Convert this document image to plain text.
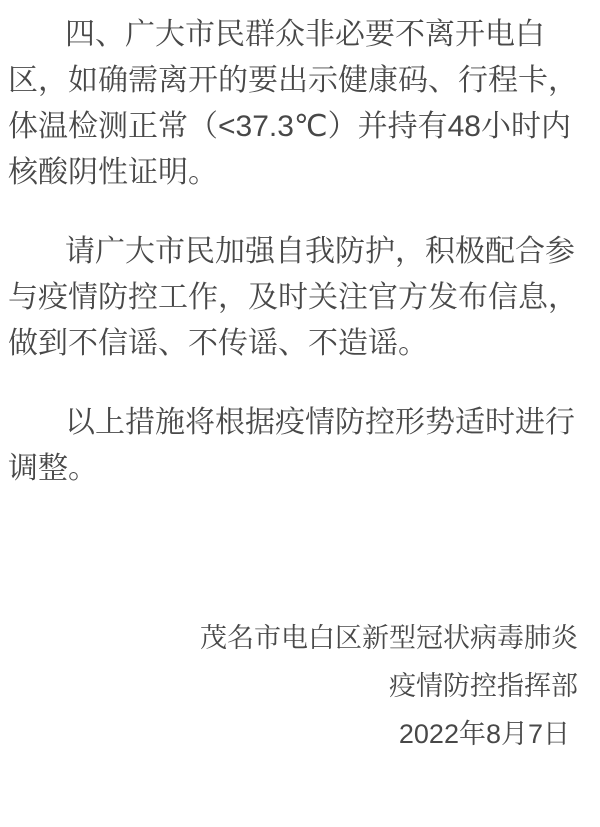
四、广大市民群众非必要不离开电白
区，如确需离开的要出示健康码、行程卡，
体温检测正常（<37.3℃）并持有48小时内
核酸阴性证明。

请广大市民加强自我防护，积极配合参
与疫情防控工作，及时关注官方发布信息，
做到不信谣、不传谣、不造谣。

以上措施将根据疫情防控形势适时进行
调整。

茂名市电白区新型冠状病毒肺炎
疫情防控指挥部
2022年8月7日
